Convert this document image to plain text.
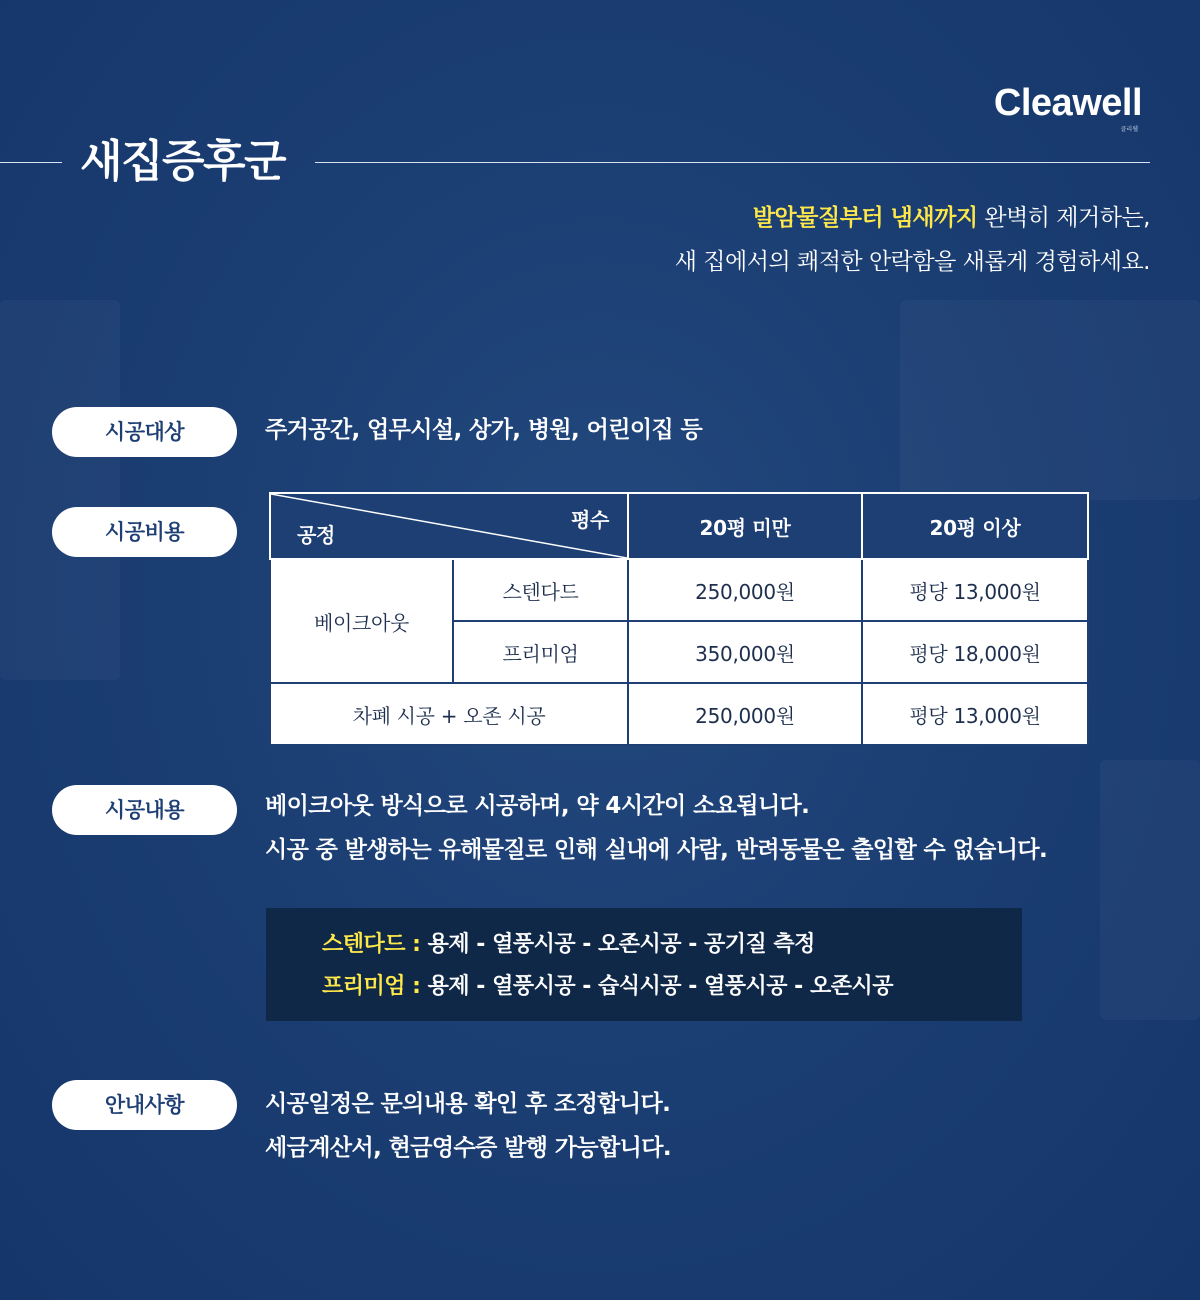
Cleawell
클리웰
새집증후군
발암물질부터 냄새까지 완벽히 제거하는,
새 집에서의 쾌적한 안락함을 새롭게 경험하세요.
시공대상	주거공간, 업무시설, 상가, 병원, 어린이집 등
시공비용	평수
공정		20평 미만	20평 이상
베이크아웃	스텐다드	250,000원	평당 13,000원
	프리미엄	350,000원	평당 18,000원
차폐 시공 + 오존 시공		250,000원	평당 13,000원
시공내용	베이크아웃 방식으로 시공하며, 약 4시간이 소요됩니다.
시공 중 발생하는 유해물질로 인해 실내에 사람, 반려동물은 출입할 수 없습니다.
스텐다드 : 용제 - 열풍시공 - 오존시공 - 공기질 측정
프리미엄 : 용제 - 열풍시공 - 습식시공 - 열풍시공 - 오존시공
안내사항	시공일정은 문의내용 확인 후 조정합니다.
세금계산서, 현금영수증 발행 가능합니다.
